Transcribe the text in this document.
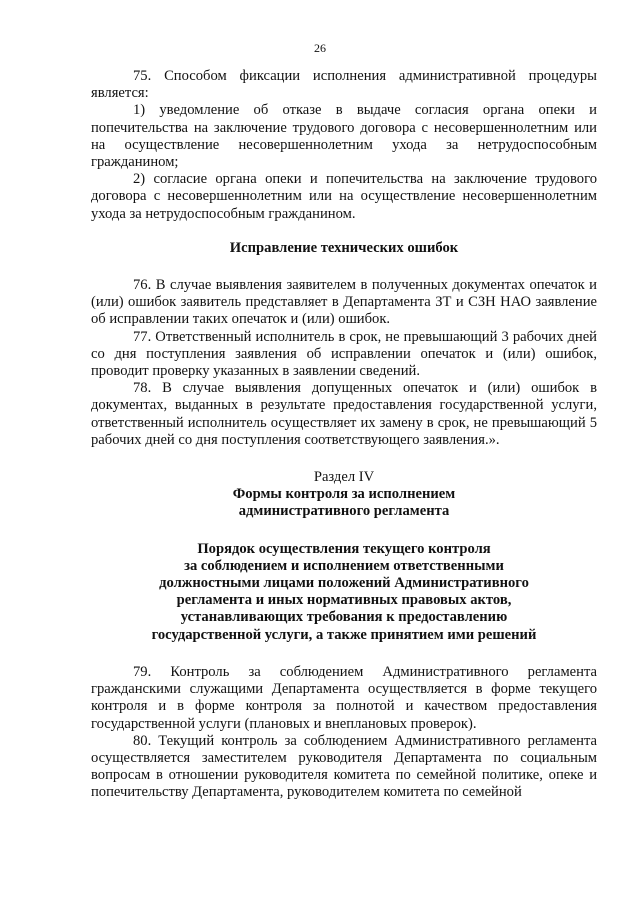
26

75. Способом фиксации исполнения административной процедуры является:

1) уведомление об отказе в выдаче согласия органа опеки и попечительства на заключение трудового договора с несовершеннолетним или на осуществление несовершеннолетним ухода за нетрудоспособным гражданином;

2) согласие органа опеки и попечительства на заключение трудового договора с несовершеннолетним или на осуществление несовершеннолетним ухода за нетрудоспособным гражданином.

Исправление технических ошибок

76. В случае выявления заявителем в полученных документах опечаток и (или) ошибок заявитель представляет в Департамента ЗТ и СЗН НАО заявление об исправлении таких опечаток и (или) ошибок.

77. Ответственный исполнитель в срок, не превышающий 3 рабочих дней со дня поступления заявления об исправлении опечаток и (или) ошибок, проводит проверку указанных в заявлении сведений.

78. В случае выявления допущенных опечаток и (или) ошибок в документах, выданных в результате предоставления государственной услуги, ответственный исполнитель осуществляет их замену в срок, не превышающий 5 рабочих дней со дня поступления соответствующего заявления.».

Раздел IV

Формы контроля за исполнением

административного регламента

Порядок осуществления текущего контроля

за соблюдением и исполнением ответственными

должностными лицами положений Административного

регламента и иных нормативных правовых актов,

устанавливающих требования к предоставлению

государственной услуги, а также принятием ими решений

79. Контроль за соблюдением Административного регламента гражданскими служащими Департамента осуществляется в форме текущего контроля и в форме контроля за полнотой и качеством предоставления государственной услуги (плановых и внеплановых проверок).

80. Текущий контроль за соблюдением Административного регламента осуществляется заместителем руководителя Департамента по социальным вопросам в отношении руководителя комитета по семейной политике, опеке и попечительству Департамента, руководителем комитета по семейной
